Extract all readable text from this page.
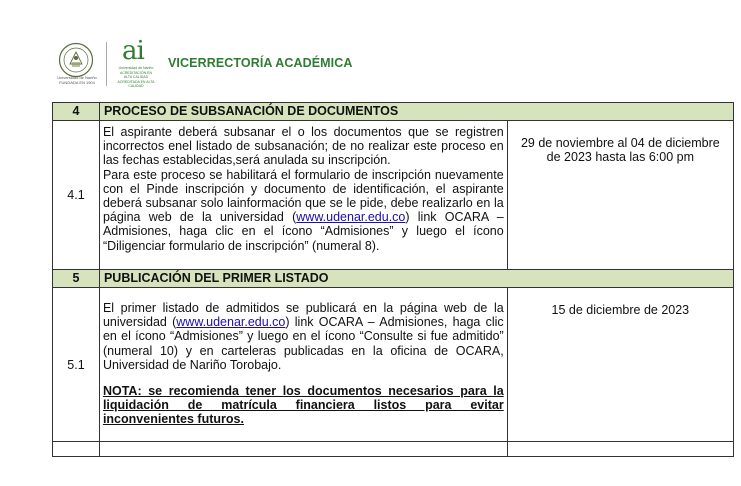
Universidad de Nariño
FUNDADA EN 1904
ai
Universidad de Nariño
ACREDITACIÓN EN ALTA CALIDAD
ACREDITADA EN ALTA CALIDAD
VICERRECTORÍA ACADÉMICA
4	PROCESO DE SUBSANACIÓN DE DOCUMENTOS	
4.1	El aspirante deberá subsanar el o los documentos que se registren incorrectos enel listado de subsanación; de no realizar este proceso en las fechas establecidas,será anulada su inscripción.

Para este proceso se habilitará el formulario de inscripción nuevamente con el Pinde inscripción y documento de identificación, el aspirante deberá subsanar solo lainformación que se le pide, debe realizarlo en la página web de la universidad (www.udenar.edu.co) link OCARA – Admisiones, haga clic en el ícono “Admisiones” y luego el ícono “Diligenciar formulario de inscripción” (numeral 8).	29 de noviembre al 04 de diciembre de 2023 hasta las 6:00 pm

5	PUBLICACIÓN DEL PRIMER LISTADO	
5.1	El primer listado de admitidos se publicará en la página web de la universidad (www.udenar.edu.co) link OCARA – Admisiones, haga clic en el ícono “Admisiones” y luego en el ícono “Consulte si fue admitido” (numeral 10) y en carteleras publicadas en la oficina de OCARA, Universidad de Nariño Torobajo.

NOTA: se recomienda tener los documentos necesarios para la liquidación de matrícula financiera listos para evitar inconvenientes futuros.	15 de diciembre de 2023
